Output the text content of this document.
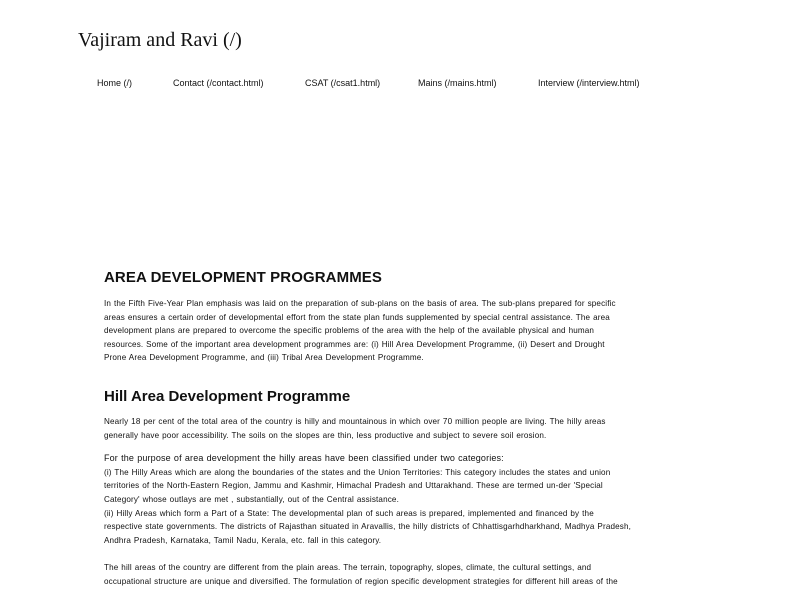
Vajiram and Ravi (/)
Home (/)	Contact (/contact.html)	CSAT (/csat1.html)	Mains (/mains.html)	Interview (/interview.html)
AREA DEVELOPMENT PROGRAMMES

In the Fifth Five-Year Plan emphasis was laid on the preparation of sub-plans on the basis of area. The sub-plans prepared for specific
areas ensures a certain order of developmental effort from the state plan funds supplemented by special central assistance. The area
development plans are prepared to overcome the specific problems of the area with the help of the available physical and human
resources. Some of the important area development programmes are: (i) Hill Area Development Programme, (ii) Desert and Drought
Prone Area Development Programme, and (iii) Tribal Area Development Programme.

Hill Area Development Programme

Nearly 18 per cent of the total area of the country is hilly and mountainous in which over 70 million people are living. The hilly areas
generally have poor accessibility. The soils on the slopes are thin, less productive and subject to severe soil erosion.

For the purpose of area development the hilly areas have been classified under two categories:
(i) The Hilly Areas which are along the boundaries of the states and the Union Territories: This category includes the states and union
territories of the North-Eastern Region, Jammu and Kashmir, Himachal Pradesh and Uttarakhand. These are termed un-der 'Special
Category' whose outlays are met , substantially, out of the Central assistance.
(ii) Hilly Areas which form a Part of a State: The developmental plan of such areas is prepared, implemented and financed by the
respective state governments. The districts of Rajasthan situated in Aravallis, the hilly districts of Chhattisgarhdharkhand, Madhya Pradesh,
Andhra Pradesh, Karnataka, Tamil Nadu, Kerala, etc. fall in this category.

The hill areas of the country are different from the plain areas. The terrain, topography, slopes, climate, the cultural settings, and
occupational structure are unique and diversified. The formulation of region specific development strategies for different hill areas of the
